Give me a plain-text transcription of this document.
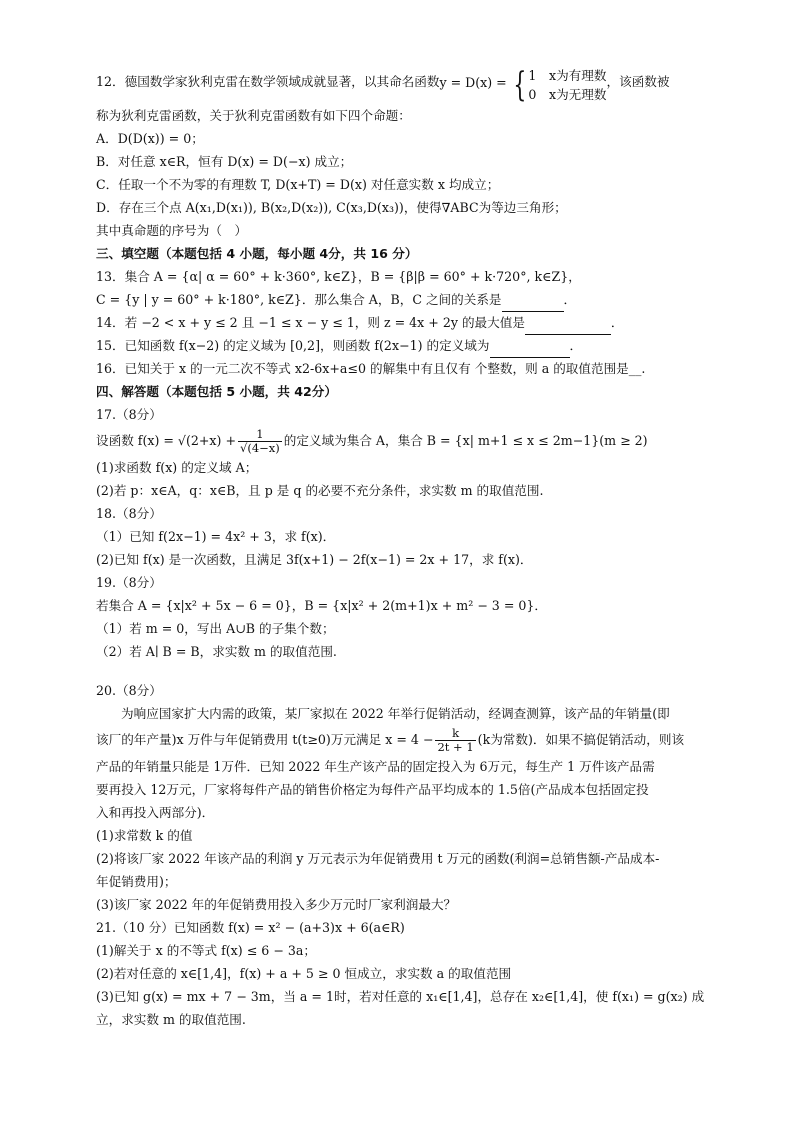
12．德国数学家狄利克雷在数学领域成就显著，以其命名函数y = D(x) = { 1　x为有理数
0　x为无理数
，该函数被
称为狄利克雷函数，关于狄利克雷函数有如下四个命题：
A．D(D(x)) = 0；
B．对任意 x∈R，恒有 D(x) = D(−x) 成立；
C．任取一个不为零的有理数 T, D(x+T) = D(x) 对任意实数 x 均成立；
D．存在三个点 A(x₁,D(x₁)), B(x₂,D(x₂)), C(x₃,D(x₃))，使得∇ABC为等边三角形；
其中真命题的序号为（　）
三、填空题（本题包括 4 小题，每小题 4分，共 16 分）
13．集合 A = {α| α = 60° + k·360°, k∈Z}，B = {β|β = 60° + k·720°, k∈Z}，
C = {y | y = 60° + k·180°, k∈Z}．那么集合 A，B，C 之间的关系是	．
14．若 −2 < x + y ≤ 2 且 −1 ≤ x − y ≤ 1，则 z = 4x + 2y 的最大值是	．
15．已知函数 f(x−2) 的定义域为 [0,2]，则函数 f(2x−1) 的定义域为	．
16．已知关于 x 的一元二次不等式 x2-6x+a≤0 的解集中有且仅有 个整数，则 a 的取值范围是__.
四、解答题（本题包括 5 小题，共 42分）
17.（8分）
设函数 $f(x) = √(2+x) + \frac{1}{√(4-x)}$ 的定义域为集合 A，集合 B = {x| m+1 ≤ x ≤ 2m−1}(m ≥ 2)
(1)求函数 f(x) 的定义域 A；
(2)若 p：x∈A，q：x∈B，且 p 是 q 的必要不充分条件，求实数 m 的取值范围.
18.（8分）
（1）已知 f(2x−1) = 4x² + 3，求 f(x)．
(2)已知 f(x) 是一次函数，且满足 3f(x+1) − 2f(x−1) = 2x + 17，求 f(x)．
19.（8分）
若集合 A = {x|x² + 5x − 6 = 0}，B = {x|x² + 2(m+1)x + m² − 3 = 0}．
（1）若 m = 0，写出 A∪B 的子集个数；
（2）若 A∣ B = B，求实数 m 的取值范围.
20.（8分）
为响应国家扩大内需的政策，某厂家拟在 2022 年举行促销活动，经调查测算，该产品的年销量(即
该厂的年产量)x 万件与年促销费用 t(t≥0)万元满足 $x = 4 - \frac{k}{2t + 1} (k$为常数)．如果不搞促销活动，则该
产品的年销量只能是 1万件．已知 2022 年生产该产品的固定投入为 6万元，每生产 1 万件该产品需
要再投入 12万元，厂家将每件产品的销售价格定为每件产品平均成本的 1.5倍(产品成本包括固定投
入和再投入两部分)．
(1)求常数 k 的值
(2)将该厂家 2022 年该产品的利润 y 万元表示为年促销费用 t 万元的函数(利润=总销售额-产品成本-
年促销费用)；
(3)该厂家 2022 年的年促销费用投入多少万元时厂家利润最大？
21.（10 分）已知函数 f(x) = x² − (a+3)x + 6(a∈R)
(1)解关于 x 的不等式 f(x) ≤ 6 − 3a；
(2)若对任意的 x∈[1,4]，f(x) + a + 5 ≥ 0 恒成立，求实数 a 的取值范围
(3)已知 g(x) = mx + 7 − 3m，当 a = 1时，若对任意的 x₁∈[1,4]，总存在 x₂∈[1,4]，使 f(x₁) = g(x₂) 成
立，求实数 m 的取值范围.
